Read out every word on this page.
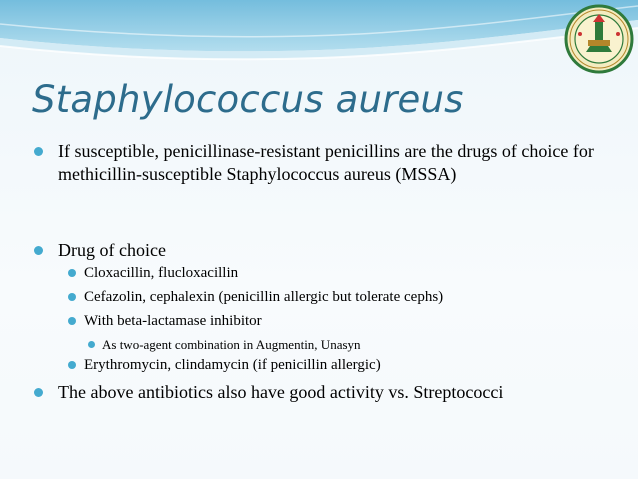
Staphylococcus aureus
If susceptible, penicillinase-resistant penicillins are the drugs of choice for methicillin-susceptible Staphylococcus aureus (MSSA)
Drug of choice
Cloxacillin, flucloxacillin
Cefazolin, cephalexin (penicillin allergic but tolerate cephs)
With beta-lactamase inhibitor
As two-agent combination in Augmentin, Unasyn
Erythromycin, clindamycin (if penicillin allergic)
The above antibiotics also have good activity vs. Streptococci
